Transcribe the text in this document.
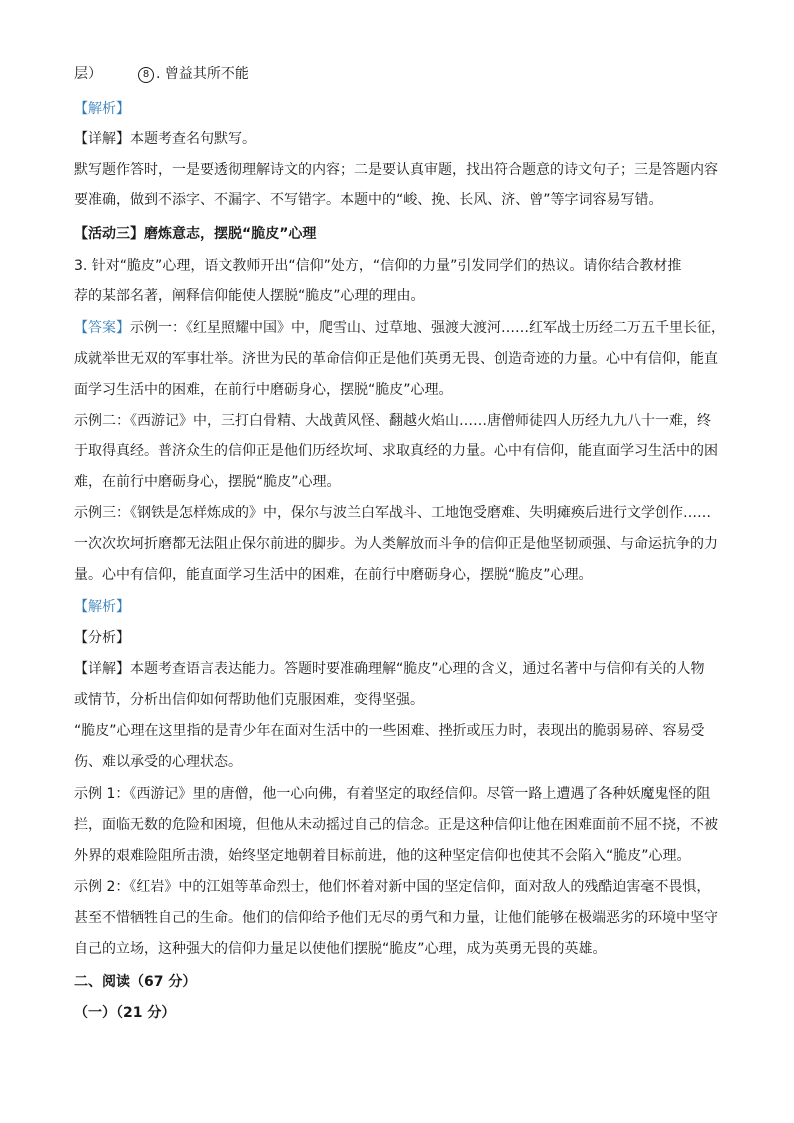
层）	8 . 曾益其所不能
【解析】
【详解】本题考查名句默写。
默写题作答时，一是要透彻理解诗文的内容；二是要认真审题，找出符合题意的诗文句子；三是答题内容
要准确，做到不添字、不漏字、不写错字。本题中的“峻、挽、长风、济、曾”等字词容易写错。
【活动三】磨炼意志，摆脱“脆皮”心理
3. 针对“脆皮”心理，语文教师开出“信仰”处方，“信仰的力量”引发同学们的热议。请你结合教材推
荐的某部名著，阐释信仰能使人摆脱“脆皮”心理的理由。
【答案】示例一：《红星照耀中国》中，爬雪山、过草地、强渡大渡河……红军战士历经二万五千里长征，
成就举世无双的军事壮举。济世为民的革命信仰正是他们英勇无畏、创造奇迹的力量。心中有信仰，能直
面学习生活中的困难，在前行中磨砺身心，摆脱“脆皮”心理。
示例二：《西游记》中，三打白骨精、大战黄风怪、翻越火焰山……唐僧师徒四人历经九九八十一难，终
于取得真经。普济众生的信仰正是他们历经坎坷、求取真经的力量。心中有信仰，能直面学习生活中的困
难，在前行中磨砺身心，摆脱“脆皮”心理。
示例三：《钢铁是怎样炼成的》中，保尔与波兰白军战斗、工地饱受磨难、失明瘫痪后进行文学创作……
一次次坎坷折磨都无法阻止保尔前进的脚步。为人类解放而斗争的信仰正是他坚韧顽强、与命运抗争的力
量。心中有信仰，能直面学习生活中的困难，在前行中磨砺身心，摆脱“脆皮”心理。
【解析】
【分析】
【详解】本题考查语言表达能力。答题时要准确理解“脆皮”心理的含义，通过名著中与信仰有关的人物
或情节，分析出信仰如何帮助他们克服困难，变得坚强。
“脆皮”心理在这里指的是青少年在面对生活中的一些困难、挫折或压力时，表现出的脆弱易碎、容易受
伤、难以承受的心理状态。
示例 1：《西游记》里的唐僧，他一心向佛，有着坚定的取经信仰。尽管一路上遭遇了各种妖魔鬼怪的阻
拦，面临无数的危险和困境，但他从未动摇过自己的信念。正是这种信仰让他在困难面前不屈不挠，不被
外界的艰难险阻所击溃，始终坚定地朝着目标前进，他的这种坚定信仰也使其不会陷入“脆皮”心理。
示例 2：《红岩》中的江姐等革命烈士，他们怀着对新中国的坚定信仰，面对敌人的残酷迫害毫不畏惧，
甚至不惜牺牲自己的生命。他们的信仰给予他们无尽的勇气和力量，让他们能够在极端恶劣的环境中坚守
自己的立场，这种强大的信仰力量足以使他们摆脱“脆皮”心理，成为英勇无畏的英雄。
二、阅读（67 分）
（一）（21 分）
